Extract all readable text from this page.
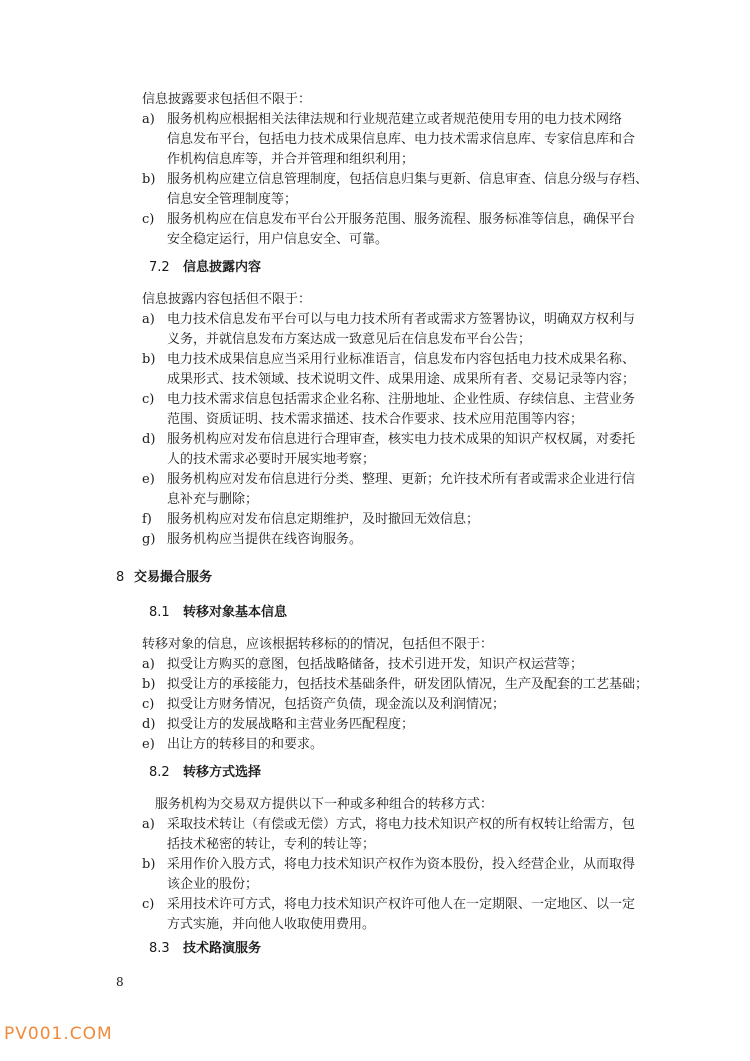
信息披露要求包括但不限于：
a) 服务机构应根据相关法律法规和行业规范建立或者规范使用专用的电力技术网络
信息发布平台，包括电力技术成果信息库、电力技术需求信息库、专家信息库和合
作机构信息库等，并合并管理和组织利用；
b) 服务机构应建立信息管理制度，包括信息归集与更新、信息审查、信息分级与存档、
信息安全管理制度等；
c) 服务机构应在信息发布平台公开服务范围、服务流程、服务标准等信息，确保平台
安全稳定运行，用户信息安全、可靠。
7.2 信息披露内容
信息披露内容包括但不限于：
a) 电力技术信息发布平台可以与电力技术所有者或需求方签署协议，明确双方权利与
义务，并就信息发布方案达成一致意见后在信息发布平台公告；
b) 电力技术成果信息应当采用行业标准语言，信息发布内容包括电力技术成果名称、
成果形式、技术领域、技术说明文件、成果用途、成果所有者、交易记录等内容；
c) 电力技术需求信息包括需求企业名称、注册地址、企业性质、存续信息、主营业务
范围、资质证明、技术需求描述、技术合作要求、技术应用范围等内容；
d) 服务机构应对发布信息进行合理审查，核实电力技术成果的知识产权权属，对委托
人的技术需求必要时开展实地考察；
e) 服务机构应对发布信息进行分类、整理、更新；允许技术所有者或需求企业进行信
息补充与删除；
f) 服务机构应对发布信息定期维护，及时撤回无效信息；
g) 服务机构应当提供在线咨询服务。
8 交易撮合服务
8.1 转移对象基本信息
转移对象的信息，应该根据转移标的的情况，包括但不限于：
a) 拟受让方购买的意图，包括战略储备，技术引进开发，知识产权运营等；
b) 拟受让方的承接能力，包括技术基础条件，研发团队情况，生产及配套的工艺基础；
c) 拟受让方财务情况，包括资产负债，现金流以及利润情况；
d) 拟受让方的发展战略和主营业务匹配程度；
e) 出让方的转移目的和要求。
8.2 转移方式选择
服务机构为交易双方提供以下一种或多种组合的转移方式：
a) 采取技术转让（有偿或无偿）方式，将电力技术知识产权的所有权转让给需方，包
括技术秘密的转让，专利的转让等；
b) 采用作价入股方式，将电力技术知识产权作为资本股份，投入经营企业，从而取得
该企业的股份；
c) 采用技术许可方式，将电力技术知识产权许可他人在一定期限、一定地区、以一定
方式实施，并向他人收取使用费用。
8.3 技术路演服务
8
PV001.COM
